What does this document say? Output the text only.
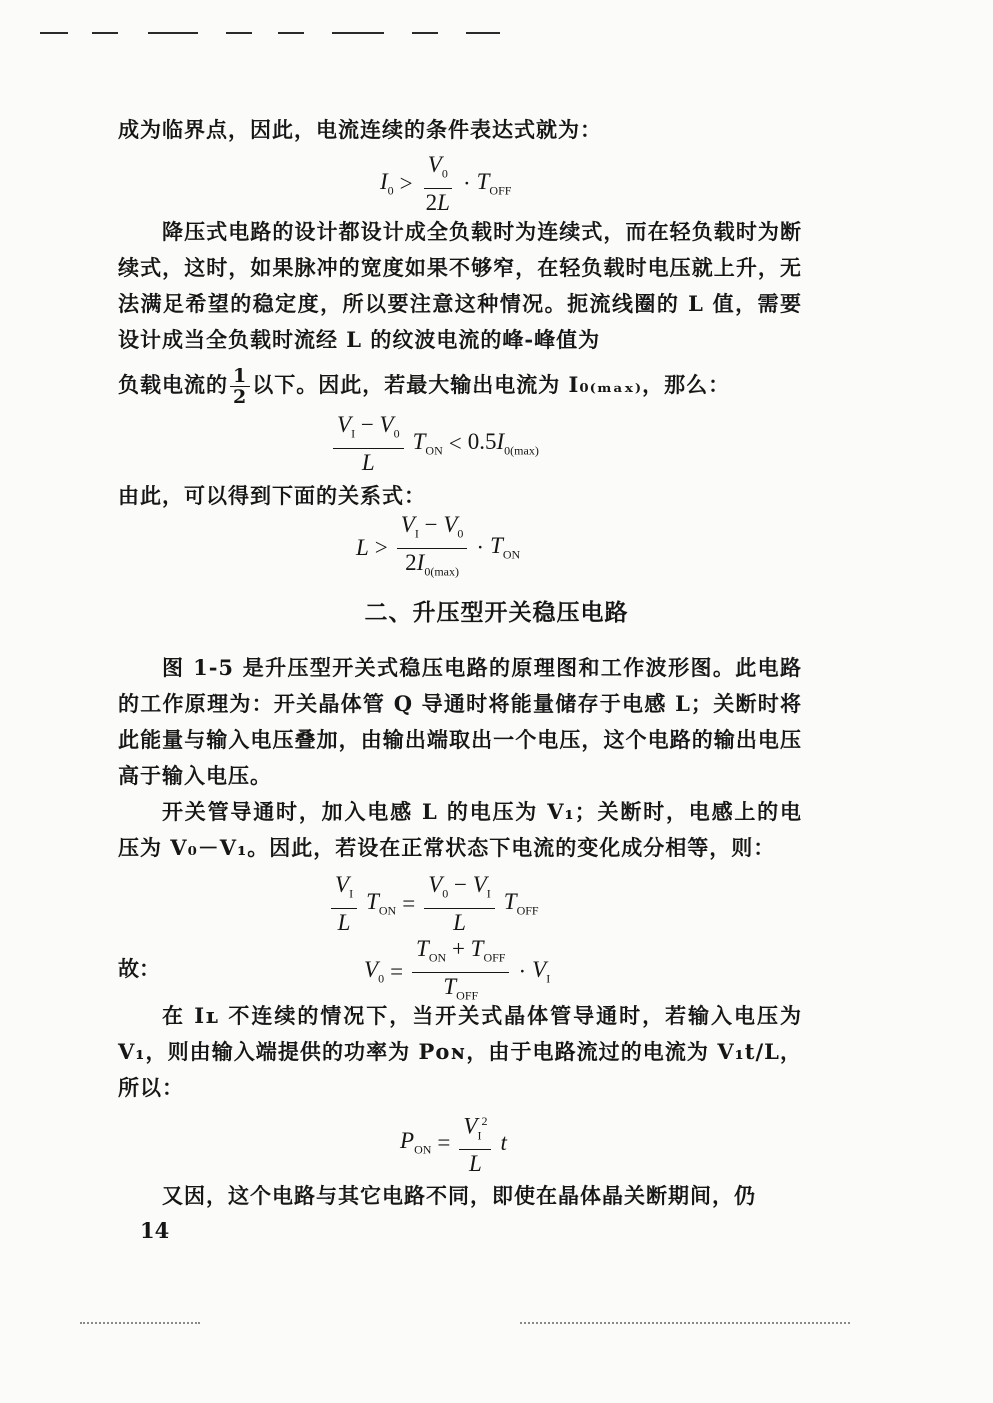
成为临界点，因此，电流连续的条件表达式就为：

$I_0 > \frac{V_0}{2L} \cdot T_{OFF}$

降压式电路的设计都设计成全负载时为连续式，而在轻负载时为断续式，这时，如果脉冲的宽度如果不够窄，在轻负载时电压就上升，无法满足希望的稳定度，所以要注意这种情况。扼流线圈的 L 值，需要设计成当全负载时流经 L 的纹波电流的峰-峰值为

负载电流的 $\frac{1}{2}$ 以下。因此，若最大输出电流为 I₀₍ₘₐₓ₎，那么：

$\frac{V_I - V_0}{L} T_{ON} < 0.5I_{0(max)}$

由此，可以得到下面的关系式：

$L > \frac{V_I - V_0}{2I_{0(max)}} \cdot T_{ON}$
二、升压型开关稳压电路

图 1-5 是升压型开关式稳压电路的原理图和工作波形图。此电路的工作原理为：开关晶体管 Q 导通时将能量储存于电感 L；关断时将此能量与输入电压叠加，由输出端取出一个电压，这个电路的输出电压高于输入电压。

开关管导通时，加入电感 L 的电压为 V₁；关断时，电感上的电压为 V₀－V₁。因此，若设在正常状态下电流的变化成分相等，则：

$\frac{V_I}{L} T_{ON} = \frac{V_0 - V_I}{L} T_{OFF}$
故：	$V_0 = \frac{T_{ON} + T_{OFF}}{T_{OFF}} \cdot V_I$

在 Iʟ 不连续的情况下，当开关式晶体管导通时，若输入电压为 V₁，则由输入端提供的功率为 Pᴏɴ，由于电路流过的电流为 V₁t/L，所以：

$P_{ON} = \frac{V_I^2}{L}$ t

又因，这个电路与其它电路不同，即使在晶体晶关断期间，仍

14
